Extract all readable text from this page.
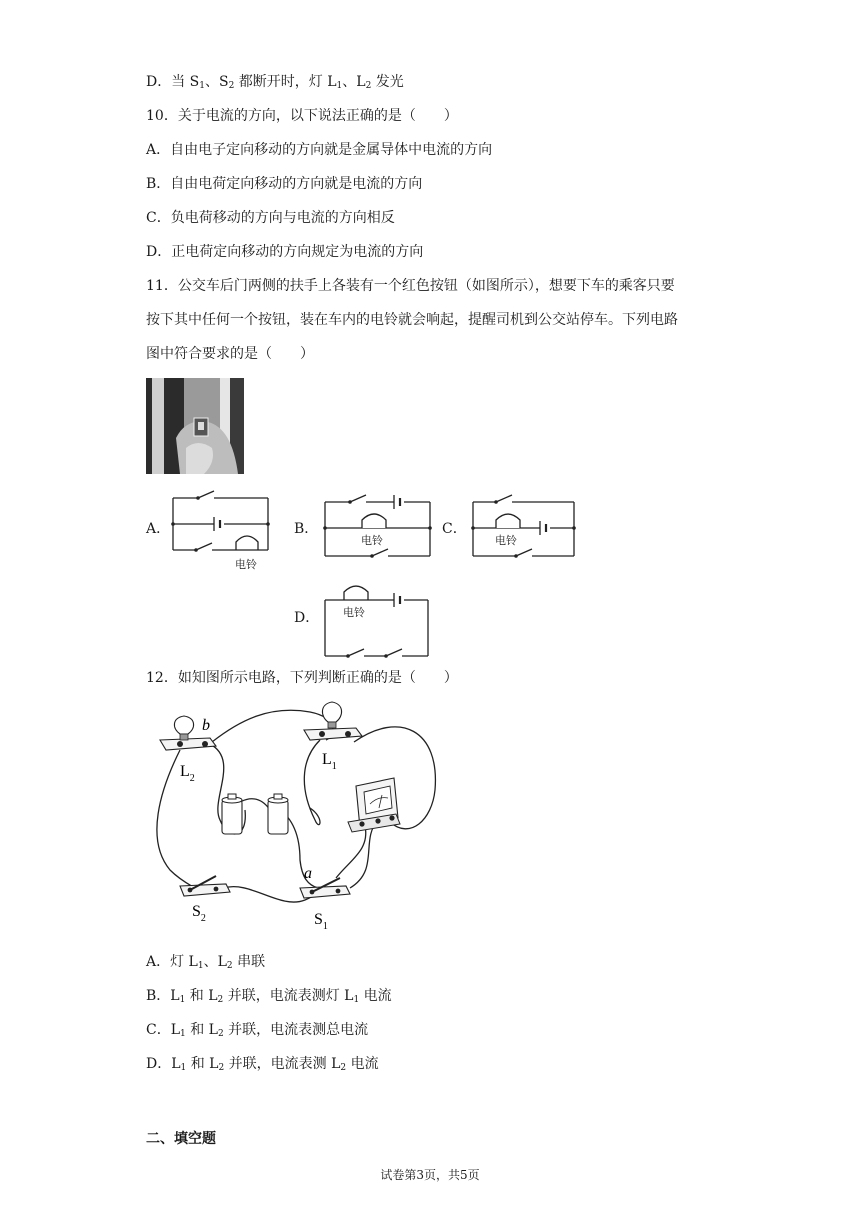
D．当 $S_1$、$S_2$ 都断开时，灯 $L_1$、$L_2$ 发光
10．关于电流的方向，以下说法正确的是（　　）
A．自由电子定向移动的方向就是金属导体中电流的方向
B．自由电荷定向移动的方向就是电流的方向
C．负电荷移动的方向与电流的方向相反
D．正电荷定向移动的方向规定为电流的方向
11．公交车后门两侧的扶手上各装有一个红色按钮（如图所示），想要下车的乘客只要
按下其中任何一个按钮，装在车内的电铃就会响起，提醒司机到公交站停车。下列电路
图中符合要求的是（　　）
A．	B．	C．
D．
电铃
电铃	电铃
电铃
12．如知图所示电路，下列判断正确的是（　　）
b
$L_2$
$L_1$
$S_2$
a
$S_1$
A．灯 $L_1$、$L_2$ 串联
B．$L_1$ 和 $L_2$ 并联，电流表测灯 $L_1$ 电流
C．$L_1$ 和 $L_2$ 并联，电流表测总电流
D．$L_1$ 和 $L_2$ 并联，电流表测 $L_2$ 电流
二、填空题
试卷第3页，共5页
